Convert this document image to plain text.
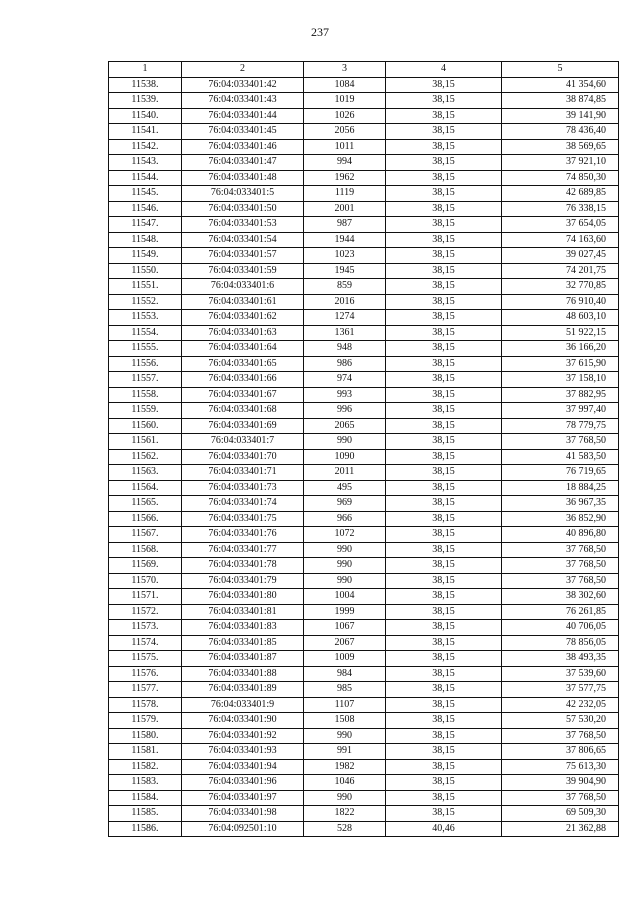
237
1	2	3	4	5
11538.	76:04:033401:42	1084	38,15	41 354,60
11539.	76:04:033401:43	1019	38,15	38 874,85
11540.	76:04:033401:44	1026	38,15	39 141,90
11541.	76:04:033401:45	2056	38,15	78 436,40
11542.	76:04:033401:46	1011	38,15	38 569,65
11543.	76:04:033401:47	994	38,15	37 921,10
11544.	76:04:033401:48	1962	38,15	74 850,30
11545.	76:04:033401:5	1119	38,15	42 689,85
11546.	76:04:033401:50	2001	38,15	76 338,15
11547.	76:04:033401:53	987	38,15	37 654,05
11548.	76:04:033401:54	1944	38,15	74 163,60
11549.	76:04:033401:57	1023	38,15	39 027,45
11550.	76:04:033401:59	1945	38,15	74 201,75
11551.	76:04:033401:6	859	38,15	32 770,85
11552.	76:04:033401:61	2016	38,15	76 910,40
11553.	76:04:033401:62	1274	38,15	48 603,10
11554.	76:04:033401:63	1361	38,15	51 922,15
11555.	76:04:033401:64	948	38,15	36 166,20
11556.	76:04:033401:65	986	38,15	37 615,90
11557.	76:04:033401:66	974	38,15	37 158,10
11558.	76:04:033401:67	993	38,15	37 882,95
11559.	76:04:033401:68	996	38,15	37 997,40
11560.	76:04:033401:69	2065	38,15	78 779,75
11561.	76:04:033401:7	990	38,15	37 768,50
11562.	76:04:033401:70	1090	38,15	41 583,50
11563.	76:04:033401:71	2011	38,15	76 719,65
11564.	76:04:033401:73	495	38,15	18 884,25
11565.	76:04:033401:74	969	38,15	36 967,35
11566.	76:04:033401:75	966	38,15	36 852,90
11567.	76:04:033401:76	1072	38,15	40 896,80
11568.	76:04:033401:77	990	38,15	37 768,50
11569.	76:04:033401:78	990	38,15	37 768,50
11570.	76:04:033401:79	990	38,15	37 768,50
11571.	76:04:033401:80	1004	38,15	38 302,60
11572.	76:04:033401:81	1999	38,15	76 261,85
11573.	76:04:033401:83	1067	38,15	40 706,05
11574.	76:04:033401:85	2067	38,15	78 856,05
11575.	76:04:033401:87	1009	38,15	38 493,35
11576.	76:04:033401:88	984	38,15	37 539,60
11577.	76:04:033401:89	985	38,15	37 577,75
11578.	76:04:033401:9	1107	38,15	42 232,05
11579.	76:04:033401:90	1508	38,15	57 530,20
11580.	76:04:033401:92	990	38,15	37 768,50
11581.	76:04:033401:93	991	38,15	37 806,65
11582.	76:04:033401:94	1982	38,15	75 613,30
11583.	76:04:033401:96	1046	38,15	39 904,90
11584.	76:04:033401:97	990	38,15	37 768,50
11585.	76:04:033401:98	1822	38,15	69 509,30
11586.	76:04:092501:10	528	40,46	21 362,88
